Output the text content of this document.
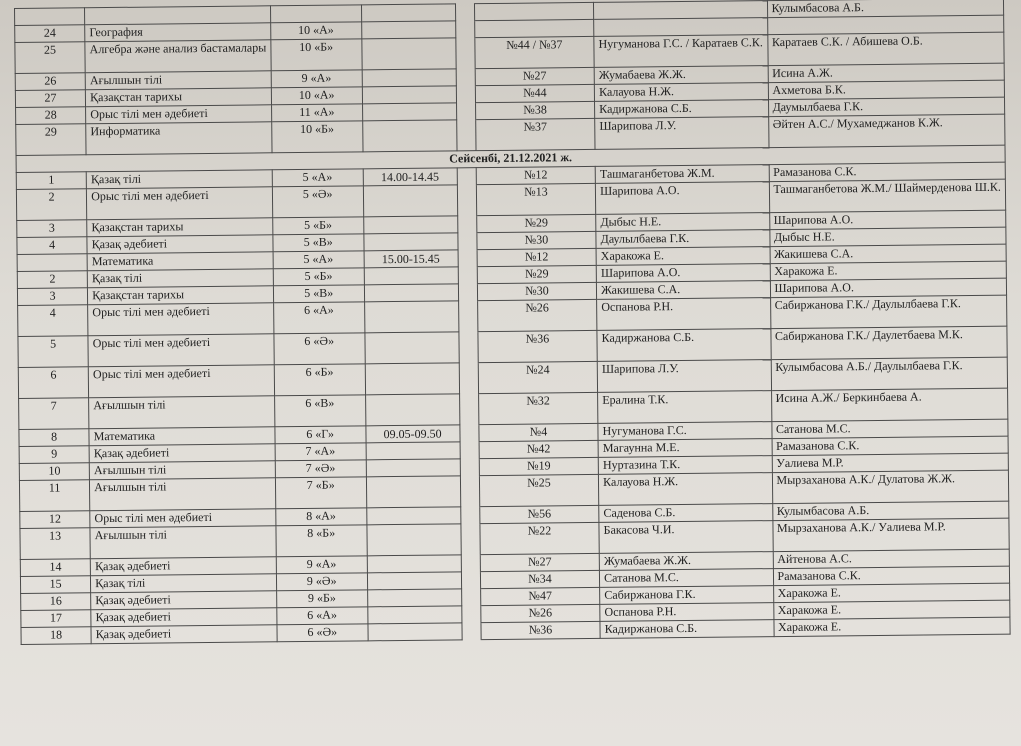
							Кулымбасова А.Б.
24	География	10 «А»					
25	Алгебра және анализ бастамалары	10 «Б»			№44 / №37	Нугуманова Г.С. / Каратаев С.К.	Каратаев С.К. / Абишева О.Б.
26	Ағылшын тілі	9 «А»			№27	Жумабаева Ж.Ж.	Исина А.Ж.
27	Қазақстан тарихы	10 «А»			№44	Калауова Н.Ж.	Ахметова Б.К.
28	Орыс тілі мен әдебиеті	11 «А»			№38	Кадиржанова С.Б.	Даумылбаева Г.К.
29	Информатика	10 «Б»			№37	Шарипова Л.У.	Әйтен А.С./ Мухамеджанов К.Ж.
Сейсенбі, 21.12.2021 ж.							
1	Қазақ тілі	5 «А»	14.00-14.45		№12	Ташмаганбетова Ж.М.	Рамазанова С.К.
2	Орыс тілі мен әдебиеті	5 «Ә»			№13	Шарипова А.О.	Ташмаганбетова Ж.М./ Шаймерденова Ш.К.
3	Қазақстан тарихы	5 «Б»			№29	Дыбыс Н.Е.	Шарипова А.О.
4	Қазақ әдебиеті	5 «В»			№30	Даулылбаева Г.К.	Дыбыс Н.Е.
	Математика	5 «А»	15.00-15.45		№12	Харакожа Е.	Жакишева С.А.
2	Қазақ тілі	5 «Б»			№29	Шарипова А.О.	Харакожа Е.
3	Қазақстан тарихы	5 «В»			№30	Жакишева С.А.	Шарипова А.О.
4	Орыс тілі мен әдебиеті	6 «А»			№26	Оспанова Р.Н.	Сабиржанова Г.К./ Даулылбаева Г.К.
5	Орыс тілі мен әдебиеті	6 «Ә»			№36	Кадиржанова С.Б.	Сабиржанова Г.К./ Даулетбаева М.К.
6	Орыс тілі мен әдебиеті	6 «Б»			№24	Шарипова Л.У.	Кулымбасова А.Б./ Даулылбаева Г.К.
7	Ағылшын тілі	6 «В»			№32	Ералина Т.К.	Исина А.Ж./ Беркинбаева А.
8	Математика	6 «Г»	09.05-09.50		№4	Нугуманова Г.С.	Сатанова М.С.
9	Қазақ әдебиеті	7 «А»			№42	Магаунна М.Е.	Рамазанова С.К.
10	Ағылшын тілі	7 «Ә»			№19	Нуртазина Т.К.	Уалиева М.Р.
11	Ағылшын тілі	7 «Б»			№25	Калауова Н.Ж.	Мырзаханова А.К./ Дулатова Ж.Ж.
12	Орыс тілі мен әдебиеті	8 «А»			№56	Саденова С.Б.	Кулымбасова А.Б.
13	Ағылшын тілі	8 «Б»			№22	Бакасова Ч.И.	Мырзаханова А.К./ Уалиева М.Р.
14	Қазақ әдебиеті	9 «А»			№27	Жумабаева Ж.Ж.	Айтенова А.С.
15	Қазақ тілі	9 «Ә»			№34	Сатанова М.С.	Рамазанова С.К.
16	Қазақ әдебиеті	9 «Б»			№47	Сабиржанова Г.К.	Харакожа Е.
17	Қазақ әдебиеті	6 «А»			№26	Оспанова Р.Н.	Харакожа Е.
18	Қазақ әдебиеті	6 «Ә»			№36	Кадиржанова С.Б.	Харакожа Е.
